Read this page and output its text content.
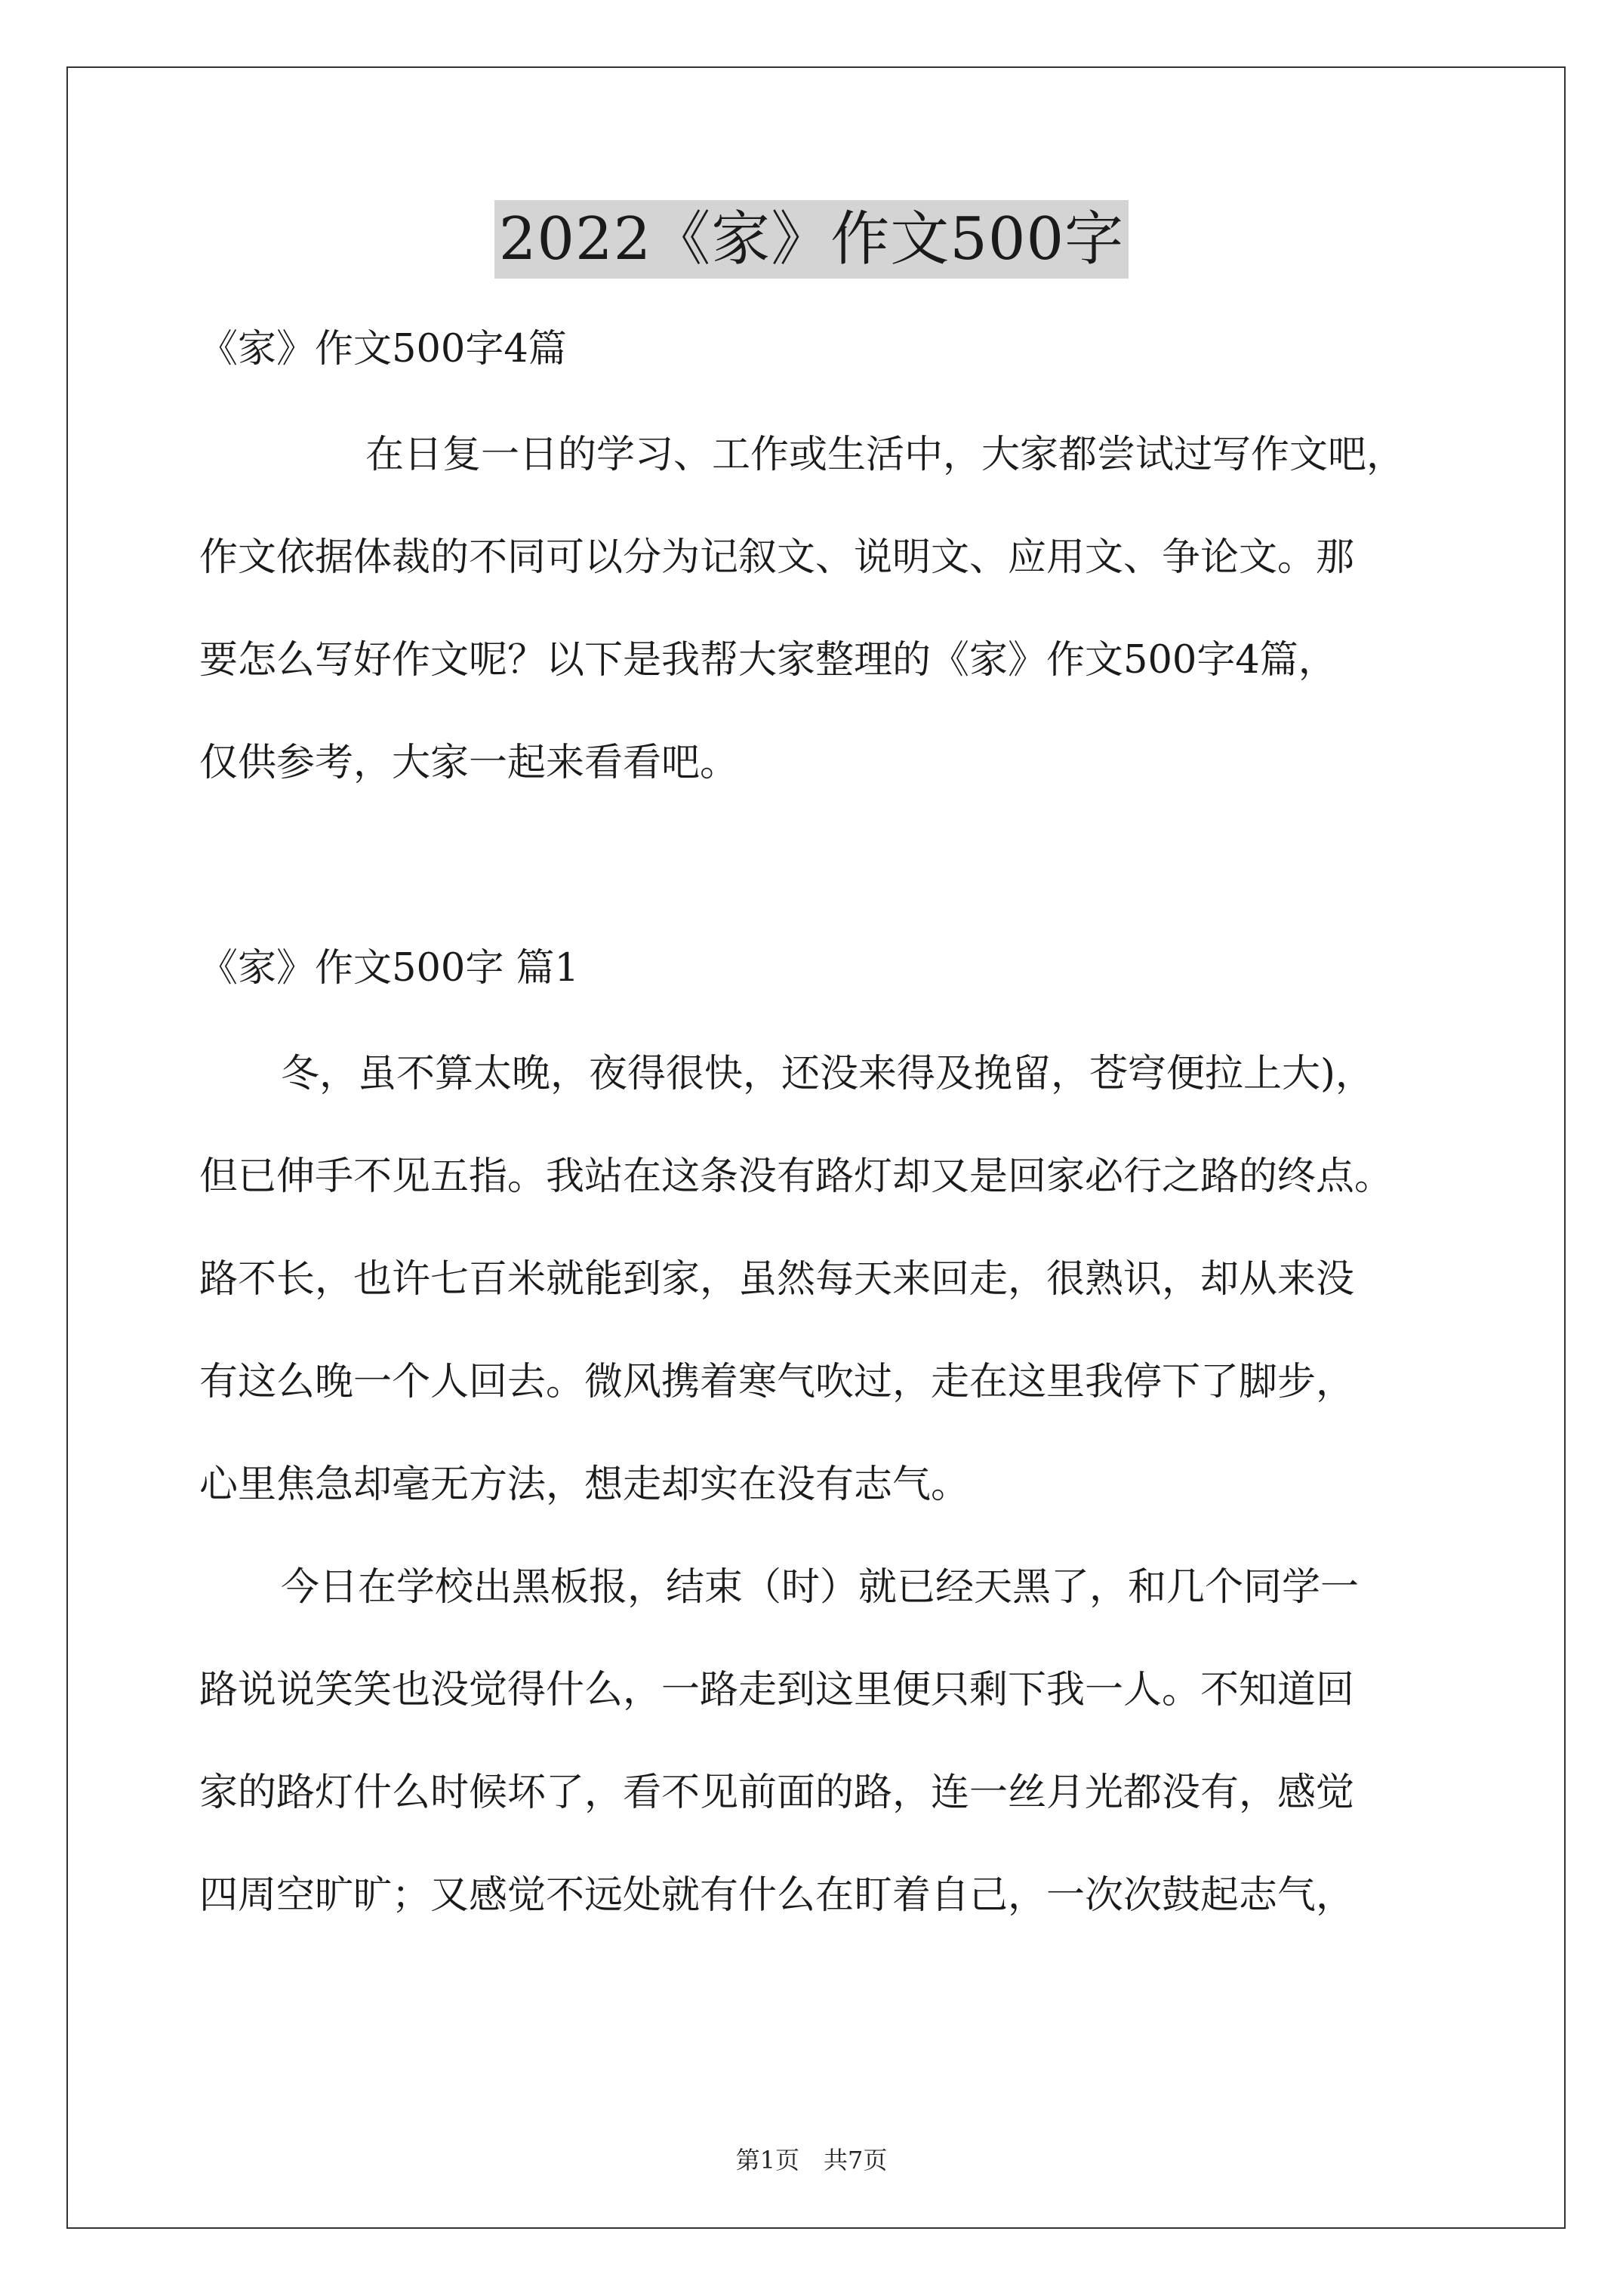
2022《家》作文500字
《家》作文500字4篇
在日复一日的学习、工作或生活中，大家都尝试过写作文吧，
作文依据体裁的不同可以分为记叙文、说明文、应用文、争论文。那
要怎么写好作文呢？以下是我帮大家整理的《家》作文500字4篇，
仅供参考，大家一起来看看吧。
《家》作文500字 篇1
冬，虽不算太晚，夜得很快，还没来得及挽留，苍穹便拉上大)，
但已伸手不见五指。我站在这条没有路灯却又是回家必行之路的终点。
路不长，也许七百米就能到家，虽然每天来回走，很熟识，却从来没
有这么晚一个人回去。微风携着寒气吹过，走在这里我停下了脚步，
心里焦急却毫无方法，想走却实在没有志气。
今日在学校出黑板报，结束（时）就已经天黑了，和几个同学一
路说说笑笑也没觉得什么，一路走到这里便只剩下我一人。不知道回
家的路灯什么时候坏了，看不见前面的路，连一丝月光都没有，感觉
四周空旷旷；又感觉不远处就有什么在盯着自己，一次次鼓起志气，
第1页　共7页
